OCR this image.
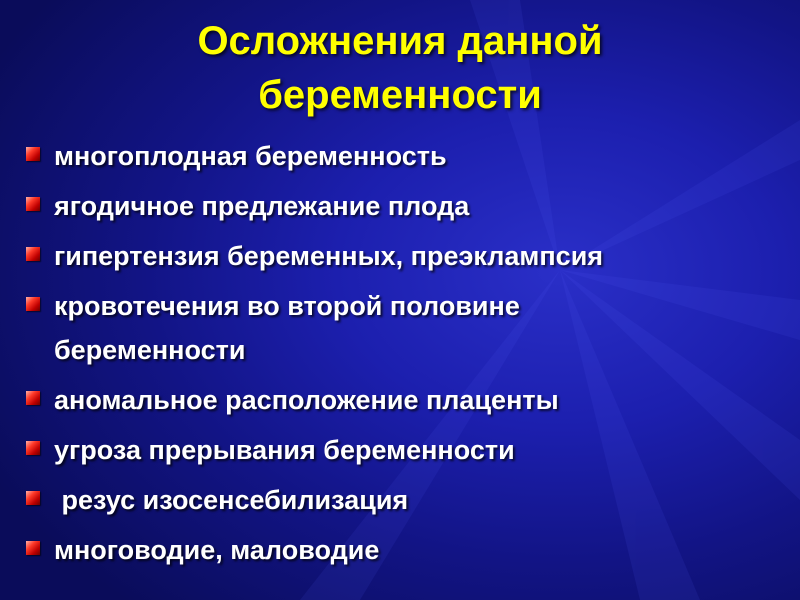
Осложнения данной
беременности
многоплодная беременность
ягодичное предлежание плода
гипертензия беременных, преэклампсия
кровотечения во второй половине
беременности
аномальное расположение плаценты
угроза прерывания беременности
резус изосенсебилизация
многоводие, маловодие
